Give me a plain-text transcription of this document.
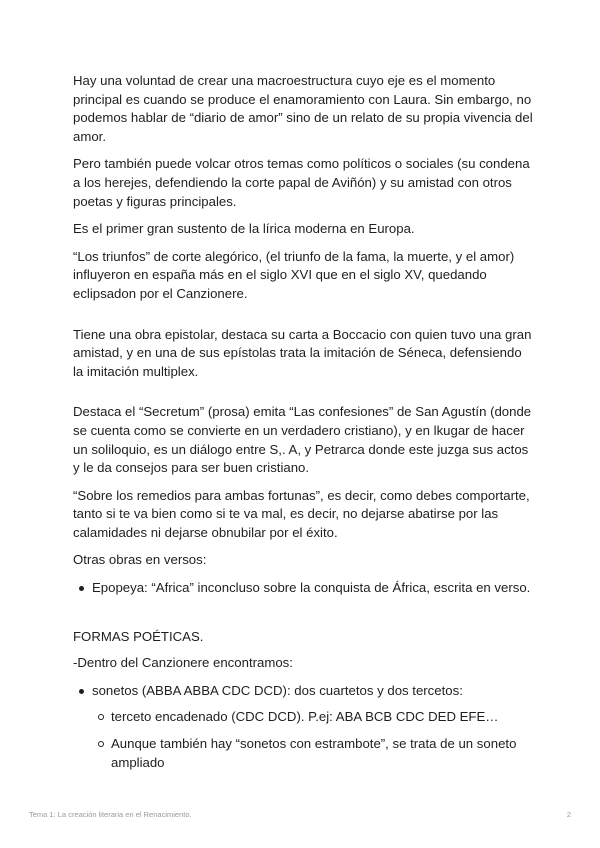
Hay una voluntad de crear una macroestructura cuyo eje es el momento principal es cuando se produce el enamoramiento con Laura. Sin embargo, no podemos hablar de “diario de amor” sino de un relato de su propia vivencia del amor.

Pero también puede volcar otros temas como políticos o sociales (su condena a los herejes, defendiendo la corte papal de Aviñón) y su amistad con otros poetas y figuras principales.

Es el primer gran sustento de la lírica moderna en Europa.

“Los triunfos” de corte alegórico, (el triunfo de la fama, la muerte, y el amor) influyeron en españa más en el siglo XVI que en el siglo XV, quedando eclipsadon por el Canzionere.

Tiene una obra epistolar, destaca su carta a Boccacio con quien tuvo una gran amistad, y en una de sus epístolas trata la imitación de Séneca, defensiendo la imitación multiplex.

Destaca el “Secretum” (prosa) emita “Las confesiones” de San Agustín (donde se cuenta como se convierte en un verdadero cristiano), y en lkugar de hacer un soliloquio, es un diálogo entre S,. A, y Petrarca donde este juzga sus actos y le da consejos para ser buen cristiano.

“Sobre los remedios para ambas fortunas”, es decir, como debes comportarte, tanto si te va bien como si te va mal, es decir, no dejarse abatirse por las calamidades ni dejarse obnubilar por el éxito.

Otras obras en versos:

Epopeya: “Africa” inconcluso sobre la conquista de África, escrita en verso.

FORMAS POÉTICAS.

-Dentro del Canzionere encontramos:

sonetos (ABBA ABBA CDC DCD): dos cuartetos y dos tercetos:
terceto encadenado (CDC DCD). P.ej: ABA BCB CDC DED EFE…
Aunque también hay “sonetos con estrambote”, se trata de un soneto ampliado
Tema 1: La creación literaria en el Renacimiento.	2
